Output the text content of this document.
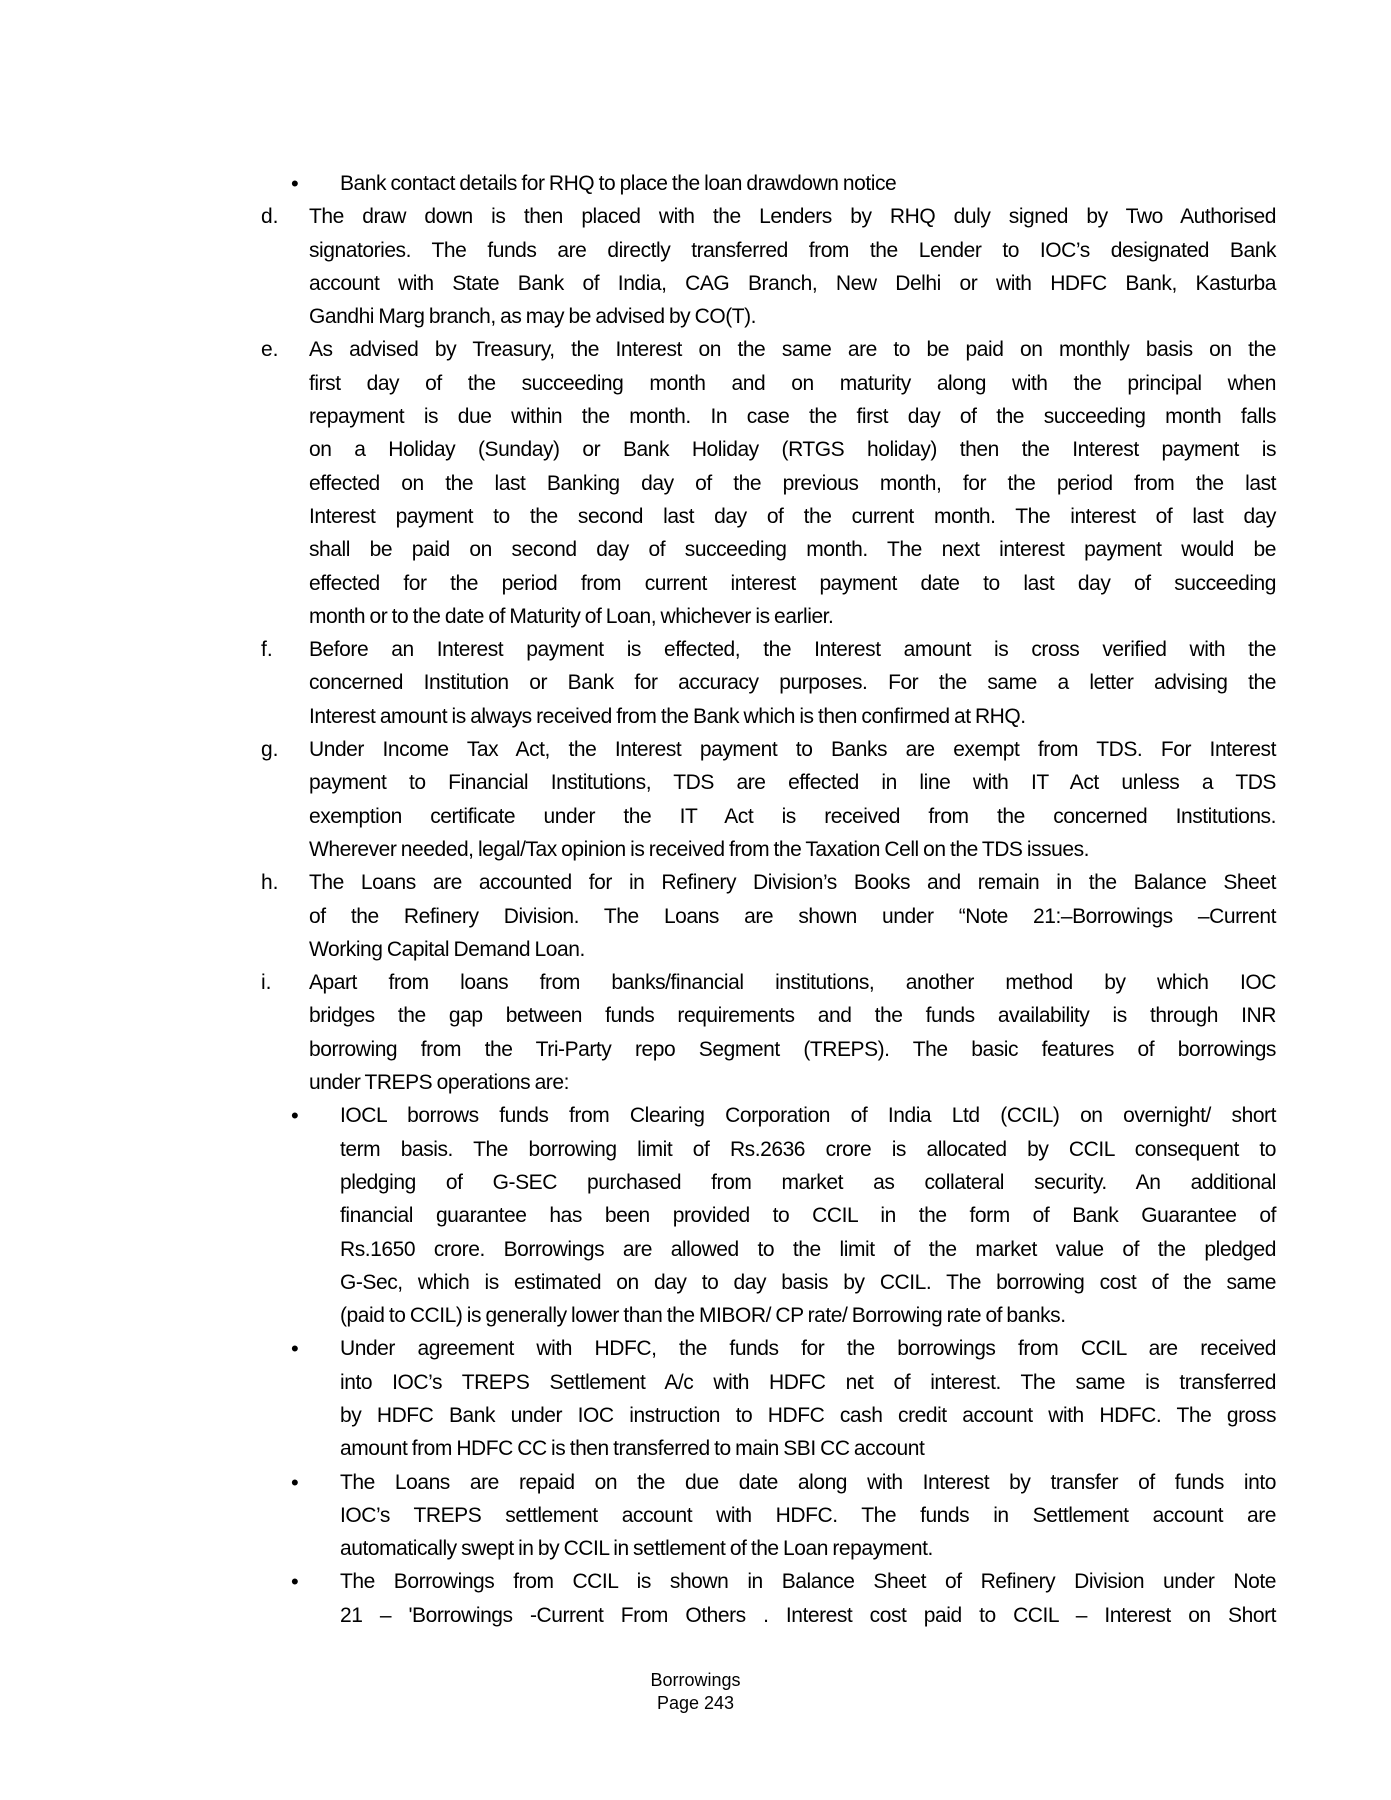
• Bank contact details for RHQ to place the loan drawdown notice
d. The draw down is then placed with the Lenders by RHQ duly signed by Two Authorised
signatories. The funds are directly transferred from the Lender to IOC’s designated Bank
account with State Bank of India, CAG Branch, New Delhi or with HDFC Bank, Kasturba
Gandhi Marg branch, as may be advised by CO(T).
e. As advised by Treasury, the Interest on the same are to be paid on monthly basis on the
first day of the succeeding month and on maturity along with the principal when
repayment is due within the month. In case the first day of the succeeding month falls
on a Holiday (Sunday) or Bank Holiday (RTGS holiday) then the Interest payment is
effected on the last Banking day of the previous month, for the period from the last
Interest payment to the second last day of the current month. The interest of last day
shall be paid on second day of succeeding month. The next interest payment would be
effected for the period from current interest payment date to last day of succeeding
month or to the date of Maturity of Loan, whichever is earlier.
f. Before an Interest payment is effected, the Interest amount is cross verified with the
concerned Institution or Bank for accuracy purposes. For the same a letter advising the
Interest amount is always received from the Bank which is then confirmed at RHQ.
g. Under Income Tax Act, the Interest payment to Banks are exempt from TDS. For Interest
payment to Financial Institutions, TDS are effected in line with IT Act unless a TDS
exemption certificate under the IT Act is received from the concerned Institutions.
Wherever needed, legal/Tax opinion is received from the Taxation Cell on the TDS issues.
h. The Loans are accounted for in Refinery Division’s Books and remain in the Balance Sheet
of the Refinery Division. The Loans are shown under “Note 21:–Borrowings –Current
Working Capital Demand Loan.
i. Apart from loans from banks/financial institutions, another method by which IOC
bridges the gap between funds requirements and the funds availability is through INR
borrowing from the Tri-Party repo Segment (TREPS). The basic features of borrowings
under TREPS operations are:
• IOCL borrows funds from Clearing Corporation of India Ltd (CCIL) on overnight/ short
term basis. The borrowing limit of Rs.2636 crore is allocated by CCIL consequent to
pledging of G-SEC purchased from market as collateral security. An additional
financial guarantee has been provided to CCIL in the form of Bank Guarantee of
Rs.1650 crore. Borrowings are allowed to the limit of the market value of the pledged
G-Sec, which is estimated on day to day basis by CCIL. The borrowing cost of the same
(paid to CCIL) is generally lower than the MIBOR/ CP rate/ Borrowing rate of banks.
• Under agreement with HDFC, the funds for the borrowings from CCIL are received
into IOC’s TREPS Settlement A/c with HDFC net of interest. The same is transferred
by HDFC Bank under IOC instruction to HDFC cash credit account with HDFC. The gross
amount from HDFC CC is then transferred to main SBI CC account
• The Loans are repaid on the due date along with Interest by transfer of funds into
IOC’s TREPS settlement account with HDFC. The funds in Settlement account are
automatically swept in by CCIL in settlement of the Loan repayment.
• The Borrowings from CCIL is shown in Balance Sheet of Refinery Division under Note
21 – 'Borrowings -Current From Others . Interest cost paid to CCIL – Interest on Short
Borrowings
Page 243
